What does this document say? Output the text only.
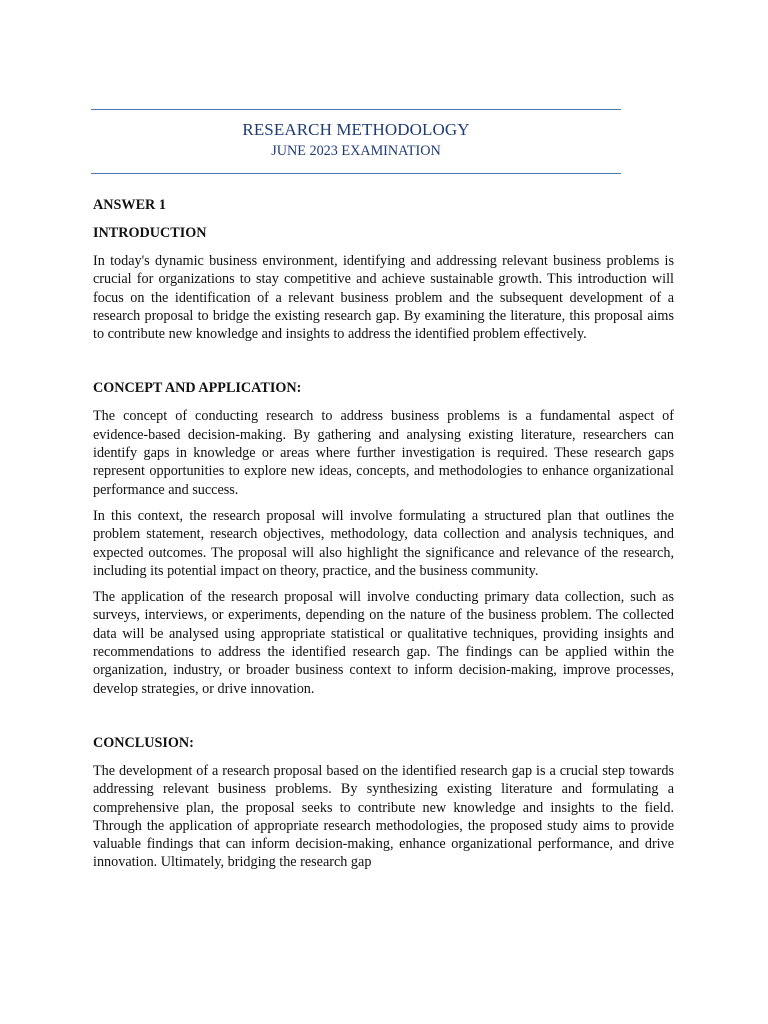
RESEARCH METHODOLOGY
JUNE 2023 EXAMINATION

ANSWER 1

INTRODUCTION

In today's dynamic business environment, identifying and addressing relevant business problems is crucial for organizations to stay competitive and achieve sustainable growth. This introduction will focus on the identification of a relevant business problem and the subsequent development of a research proposal to bridge the existing research gap. By examining the literature, this proposal aims to contribute new knowledge and insights to address the identified problem effectively.

CONCEPT AND APPLICATION:

The concept of conducting research to address business problems is a fundamental aspect of evidence-based decision-making. By gathering and analysing existing literature, researchers can identify gaps in knowledge or areas where further investigation is required. These research gaps represent opportunities to explore new ideas, concepts, and methodologies to enhance organizational performance and success.

In this context, the research proposal will involve formulating a structured plan that outlines the problem statement, research objectives, methodology, data collection and analysis techniques, and expected outcomes. The proposal will also highlight the significance and relevance of the research, including its potential impact on theory, practice, and the business community.

The application of the research proposal will involve conducting primary data collection, such as surveys, interviews, or experiments, depending on the nature of the business problem. The collected data will be analysed using appropriate statistical or qualitative techniques, providing insights and recommendations to address the identified research gap. The findings can be applied within the organization, industry, or broader business context to inform decision-making, improve processes, develop strategies, or drive innovation.

CONCLUSION:

The development of a research proposal based on the identified research gap is a crucial step towards addressing relevant business problems. By synthesizing existing literature and formulating a comprehensive plan, the proposal seeks to contribute new knowledge and insights to the field. Through the application of appropriate research methodologies, the proposed study aims to provide valuable findings that can inform decision-making, enhance organizational performance, and drive innovation. Ultimately, bridging the research gap
